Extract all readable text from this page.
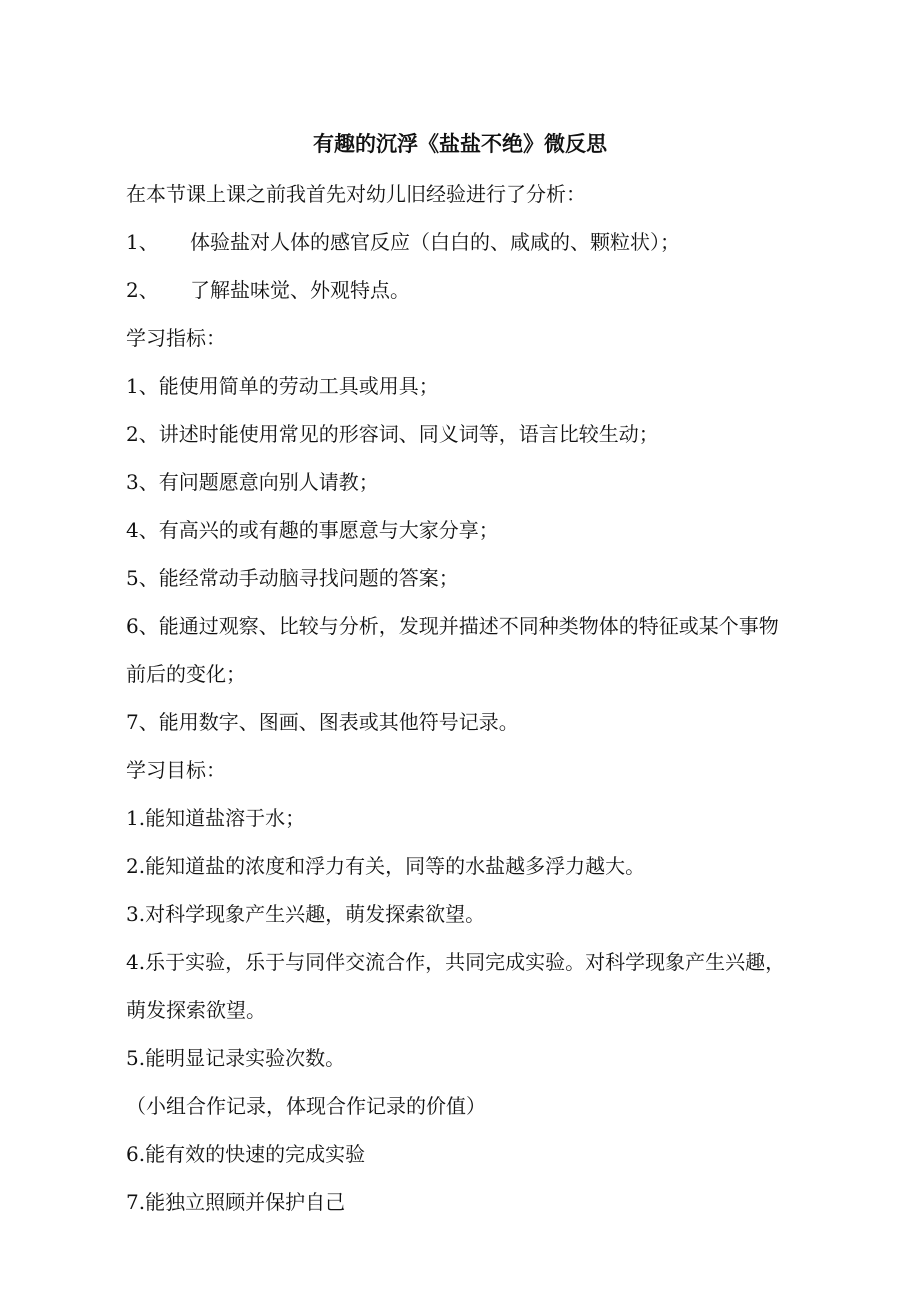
有趣的沉浮《盐盐不绝》微反思
在本节课上课之前我首先对幼儿旧经验进行了分析：
1、 体验盐对人体的感官反应（白白的、咸咸的、颗粒状）；
2、 了解盐味觉、外观特点。
学习指标：
1、能使用简单的劳动工具或用具；
2、讲述时能使用常见的形容词、同义词等，语言比较生动；
3、有问题愿意向别人请教；
4、有高兴的或有趣的事愿意与大家分享；
5、能经常动手动脑寻找问题的答案；
6、能通过观察、比较与分析，发现并描述不同种类物体的特征或某个事物
前后的变化；
7、能用数字、图画、图表或其他符号记录。
学习目标：
1.能知道盐溶于水；
2.能知道盐的浓度和浮力有关，同等的水盐越多浮力越大。
3.对科学现象产生兴趣，萌发探索欲望。
4.乐于实验，乐于与同伴交流合作，共同完成实验。对科学现象产生兴趣，
萌发探索欲望。
5.能明显记录实验次数。
（小组合作记录，体现合作记录的价值）
6.能有效的快速的完成实验
7.能独立照顾并保护自己
